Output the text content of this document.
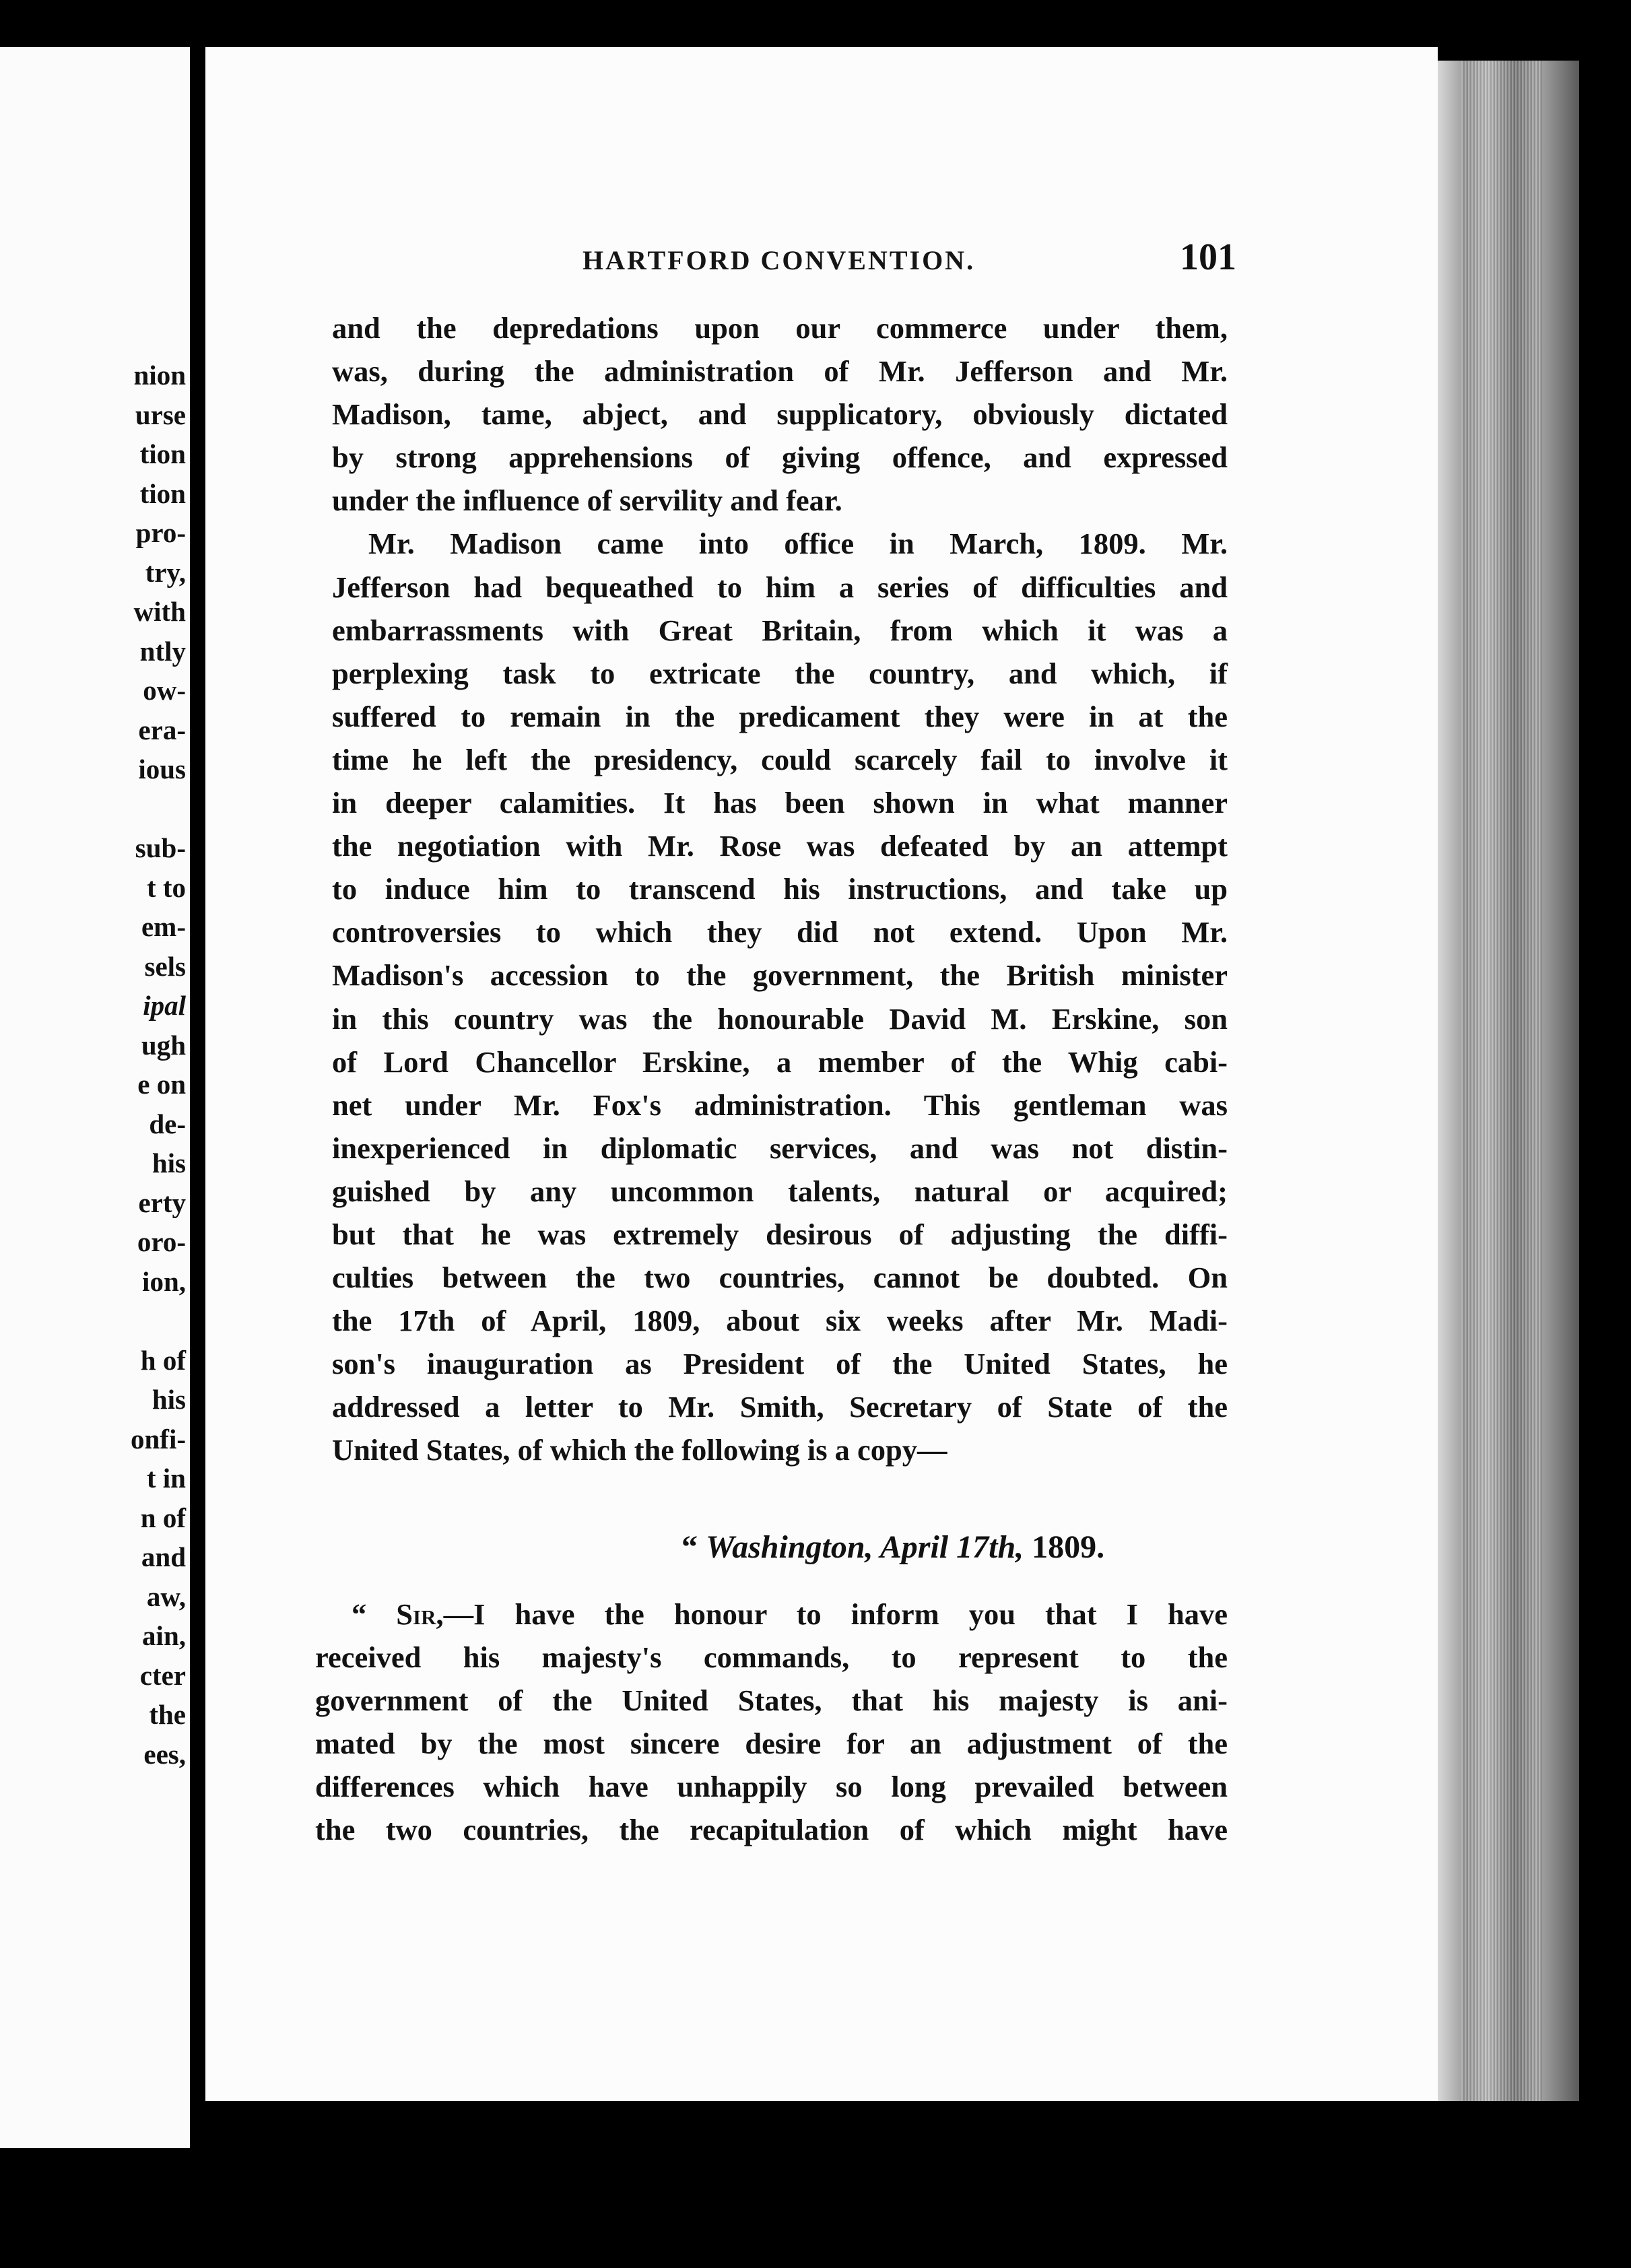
nion
urse
tion
tion
pro-
try,
with
ntly
ow-
era-
ious

sub-
t to
em-
sels
ipal
ugh
e on
de-
his
erty
oro-
ion,

h of
his
onfi-
t in
n of
and
aw,
ain,
cter
the
ees,
HARTFORD CONVENTION.	101
and the depredations upon our commerce under them,
was, during the administration of Mr. Jefferson and Mr.
Madison, tame, abject, and supplicatory, obviously dictated
by strong apprehensions of giving offence, and expressed
under the influence of servility and fear.
Mr. Madison came into office in March, 1809. Mr.
Jefferson had bequeathed to him a series of difficulties and
embarrassments with Great Britain, from which it was a
perplexing task to extricate the country, and which, if
suffered to remain in the predicament they were in at the
time he left the presidency, could scarcely fail to involve it
in deeper calamities. It has been shown in what manner
the negotiation with Mr. Rose was defeated by an attempt
to induce him to transcend his instructions, and take up
controversies to which they did not extend. Upon Mr.
Madison's accession to the government, the British minister
in this country was the honourable David M. Erskine, son
of Lord Chancellor Erskine, a member of the Whig cabi-
net under Mr. Fox's administration. This gentleman was
inexperienced in diplomatic services, and was not distin-
guished by any uncommon talents, natural or acquired;
but that he was extremely desirous of adjusting the diffi-
culties between the two countries, cannot be doubted. On
the 17th of April, 1809, about six weeks after Mr. Madi-
son's inauguration as President of the United States, he
addressed a letter to Mr. Smith, Secretary of State of the
United States, of which the following is a copy—
“ Washington, April 17th, 1809.
“ Sir,—I have the honour to inform you that I have
received his majesty's commands, to represent to the
government of the United States, that his majesty is ani-
mated by the most sincere desire for an adjustment of the
differences which have unhappily so long prevailed between
the two countries, the recapitulation of which might have
